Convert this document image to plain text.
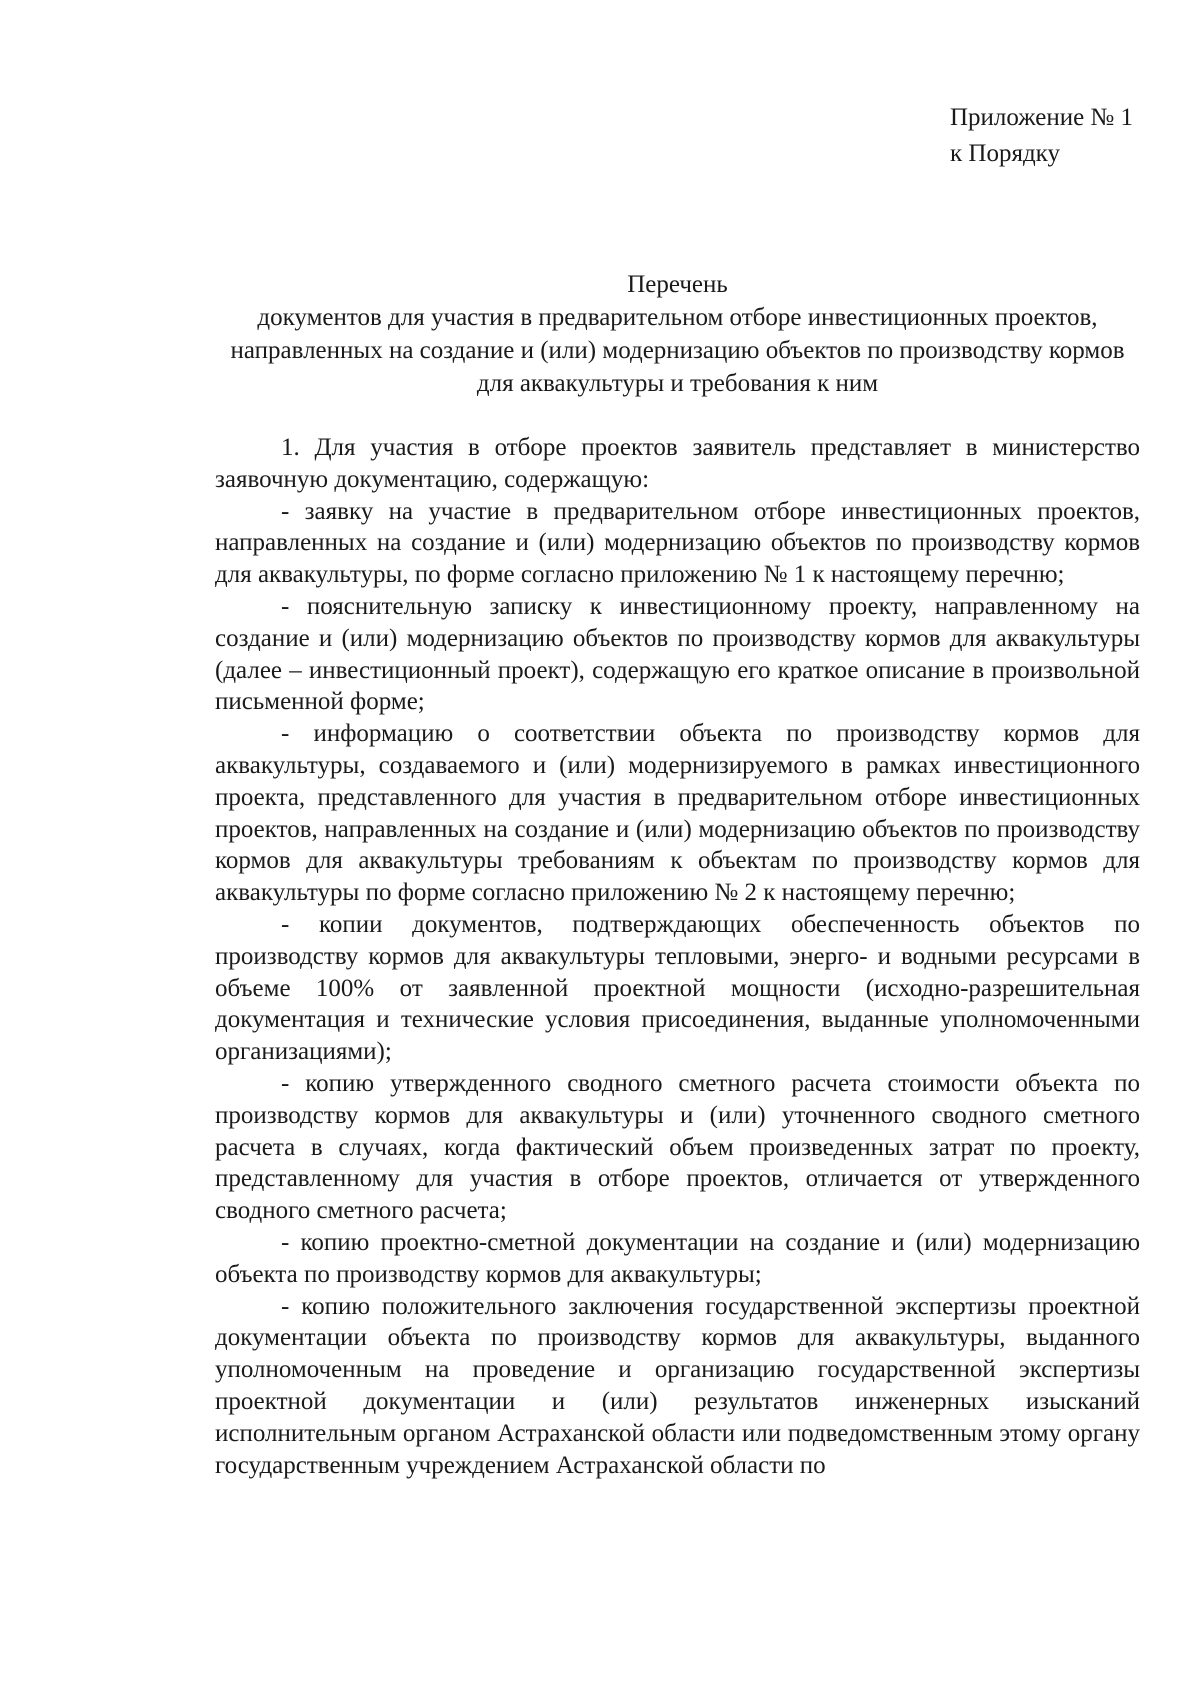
Приложение № 1
к Порядку
Перечень
документов для участия в предварительном отборе инвестиционных проектов, направленных на создание и (или) модернизацию объектов по производству кормов для аквакультуры и требования к ним

1. Для участия в отборе проектов заявитель представляет в министерство заявочную документацию, содержащую:

- заявку на участие в предварительном отборе инвестиционных проектов, направленных на создание и (или) модернизацию объектов по производству кормов для аквакультуры, по форме согласно приложению № 1 к настоящему перечню;

- пояснительную записку к инвестиционному проекту, направленному на создание и (или) модернизацию объектов по производству кормов для аквакультуры (далее – инвестиционный проект), содержащую его краткое описание в произвольной письменной форме;

- информацию о соответствии объекта по производству кормов для аквакультуры, создаваемого и (или) модернизируемого в рамках инвестиционного проекта, представленного для участия в предварительном отборе инвестиционных проектов, направленных на создание и (или) модернизацию объектов по производству кормов для аквакультуры требованиям к объектам по производству кормов для аквакультуры по форме согласно приложению № 2 к настоящему перечню;

- копии документов, подтверждающих обеспеченность объектов по производству кормов для аквакультуры тепловыми, энерго- и водными ресурсами в объеме 100% от заявленной проектной мощности (исходно-разрешительная документация и технические условия присоединения, выданные уполномоченными организациями);

- копию утвержденного сводного сметного расчета стоимости объекта по производству кормов для аквакультуры и (или) уточненного сводного сметного расчета в случаях, когда фактический объем произведенных затрат по проекту, представленному для участия в отборе проектов, отличается от утвержденного сводного сметного расчета;

- копию проектно-сметной документации на создание и (или) модернизацию объекта по производству кормов для аквакультуры;

- копию положительного заключения государственной экспертизы проектной документации объекта по производству кормов для аквакультуры, выданного уполномоченным на проведение и организацию государственной экспертизы проектной документации и (или) результатов инженерных изысканий исполнительным органом Астраханской области или подведомственным этому органу государственным учреждением Астраханской области по
